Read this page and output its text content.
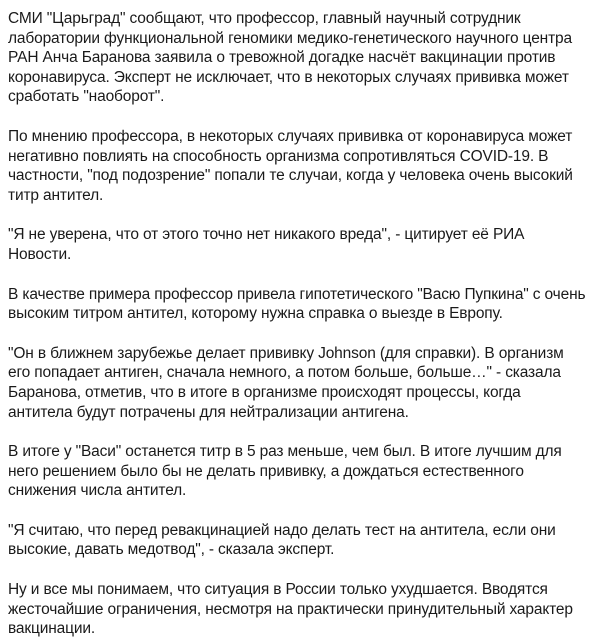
СМИ "Царьград" сообщают, что профессор, главный научный сотрудник лаборатории функциональной геномики медико-генетического научного центра РАН Анча Баранова заявила о тревожной догадке насчёт вакцинации против коронавируса. Эксперт не исключает, что в некоторых случаях прививка может сработать "наоборот".

По мнению профессора, в некоторых случаях прививка от коронавируса может негативно повлиять на способность организма сопротивляться COVID-19. В частности, "под подозрение" попали те случаи, когда у человека очень высокий титр антител.

"Я не уверена, что от этого точно нет никакого вреда", - цитирует её РИА Новости.

В качестве примера профессор привела гипотетического "Васю Пупкина" с очень высоким титром антител, которому нужна справка о выезде в Европу.

"Он в ближнем зарубежье делает прививку Johnson (для справки). В организм его попадает антиген, сначала немного, а потом больше, больше…" - сказала Баранова, отметив, что в итоге в организме происходят процессы, когда антитела будут потрачены для нейтрализации антигена.

В итоге у "Васи" останется титр в 5 раз меньше, чем был. В итоге лучшим для него решением было бы не делать прививку, а дождаться естественного снижения числа антител.

"Я считаю, что перед ревакцинацией надо делать тест на антитела, если они высокие, давать медотвод", - сказала эксперт.

Ну и все мы понимаем, что ситуация в России только ухудшается. Вводятся жесточайшие ограничения, несмотря на практически принудительный характер вакцинации.
